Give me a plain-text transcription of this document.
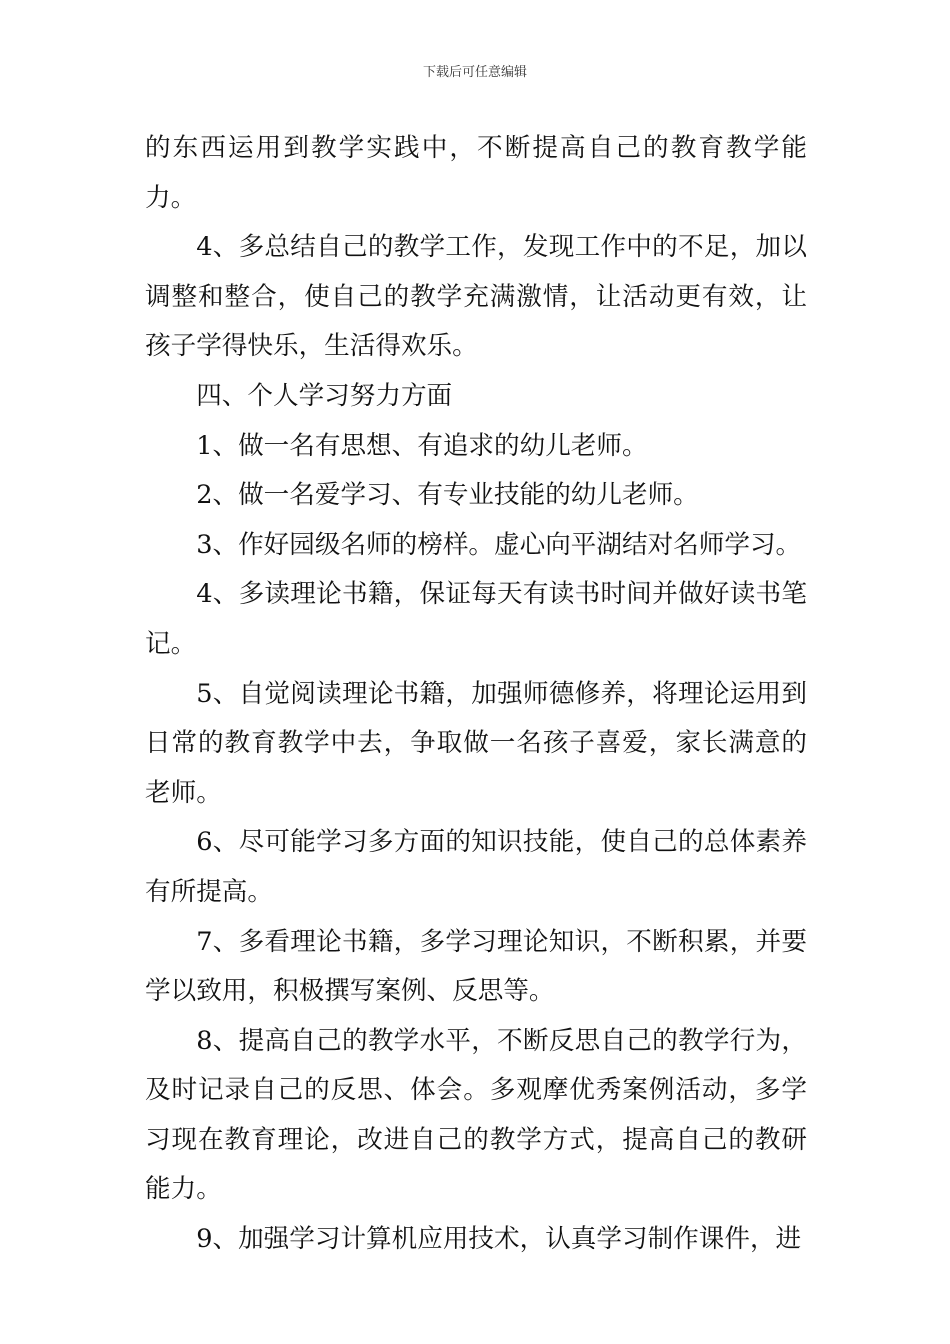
下载后可任意编辑

的东西运用到教学实践中，不断提高自己的教育教学能力。

4、多总结自己的教学工作，发现工作中的不足，加以调整和整合，使自己的教学充满激情，让活动更有效，让孩子学得快乐，生活得欢乐。

四、个人学习努力方面

1、做一名有思想、有追求的幼儿老师。

2、做一名爱学习、有专业技能的幼儿老师。

3、作好园级名师的榜样。虚心向平湖结对名师学习。

4、多读理论书籍，保证每天有读书时间并做好读书笔记。

5、自觉阅读理论书籍，加强师德修养，将理论运用到日常的教育教学中去，争取做一名孩子喜爱，家长满意的老师。

6、尽可能学习多方面的知识技能，使自己的总体素养有所提高。

7、多看理论书籍，多学习理论知识，不断积累，并要学以致用，积极撰写案例、反思等。

8、提高自己的教学水平，不断反思自己的教学行为，及时记录自己的反思、体会。多观摩优秀案例活动，多学习现在教育理论，改进自己的教学方式，提高自己的教研能力。

9、加强学习计算机应用技术，认真学习制作课件，进
